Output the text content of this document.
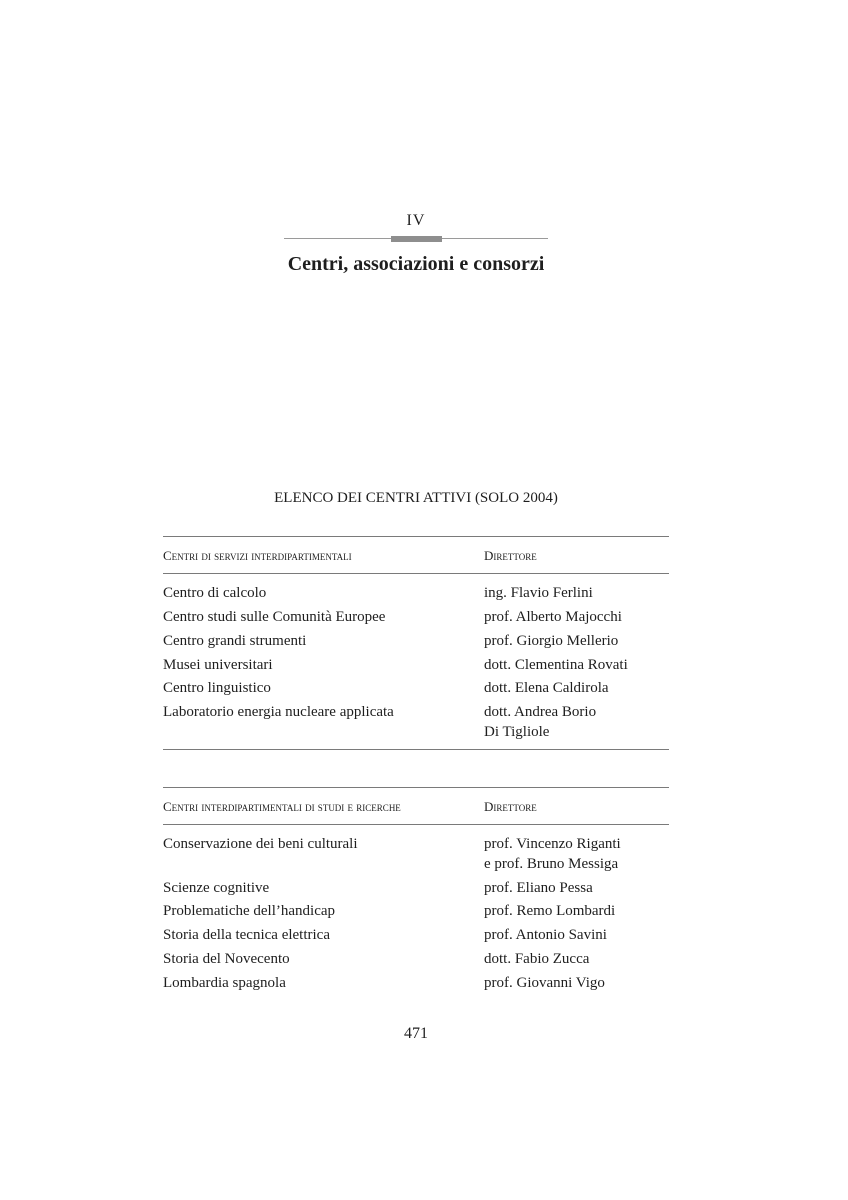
IV
Centri, associazioni e consorzi
ELENCO DEI CENTRI ATTIVI (SOLO 2004)
Centri di servizi interdipartimentali	Direttore
Centro di calcolo	ing. Flavio Ferlini
Centro studi sulle Comunità Europee	prof. Alberto Majocchi
Centro grandi strumenti	prof. Giorgio Mellerio
Musei universitari	dott. Clementina Rovati
Centro linguistico	dott. Elena Caldirola
Laboratorio energia nucleare applicata	dott. Andrea Borio
Di Tigliole
Centri interdipartimentali di studi e ricerche	Direttore
Conservazione dei beni culturali	prof. Vincenzo Riganti
e prof. Bruno Messiga
Scienze cognitive	prof. Eliano Pessa
Problematiche dell’handicap	prof. Remo Lombardi
Storia della tecnica elettrica	prof. Antonio Savini
Storia del Novecento	dott. Fabio Zucca
Lombardia spagnola	prof. Giovanni Vigo
471
